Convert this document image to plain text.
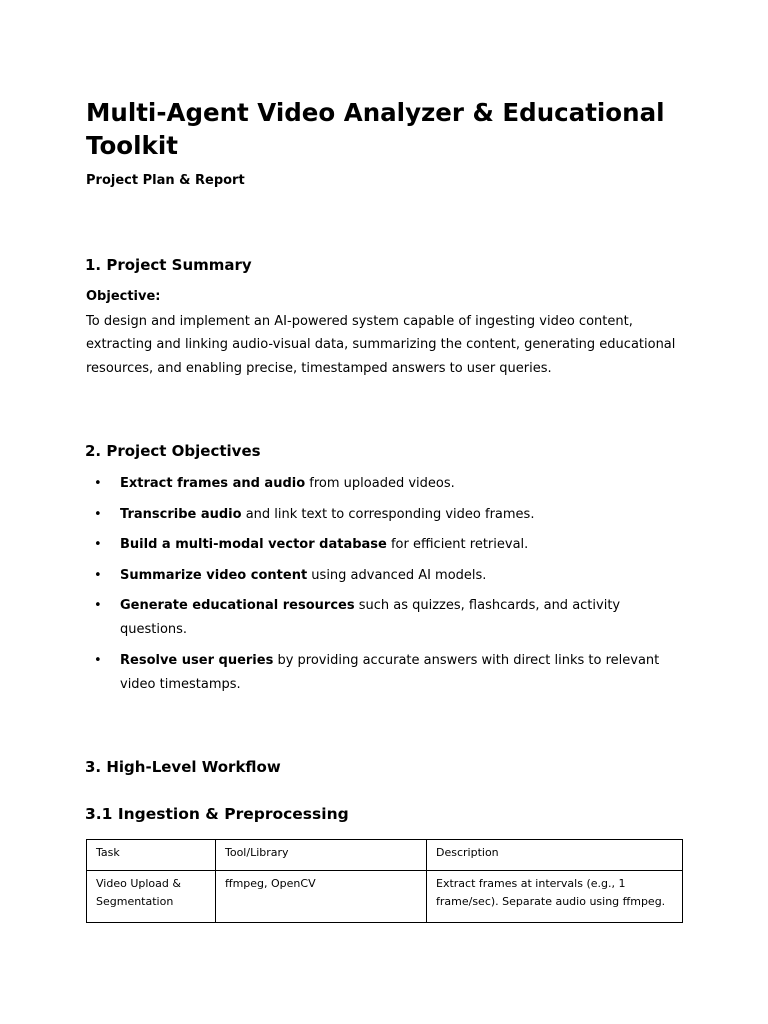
Multi-Agent Video Analyzer & Educational Toolkit

Project Plan & Report

1. Project Summary

Objective:

To design and implement an AI-powered system capable of ingesting video content, extracting and linking audio-visual data, summarizing the content, generating educational resources, and enabling precise, timestamped answers to user queries.

2. Project Objectives
• Extract frames and audio from uploaded videos.
• Transcribe audio and link text to corresponding video frames.
• Build a multi-modal vector database for efficient retrieval.
• Summarize video content using advanced AI models.
• Generate educational resources such as quizzes, flashcards, and activity questions.
• Resolve user queries by providing accurate answers with direct links to relevant video timestamps.
3. High-Level Workflow
3.1 Ingestion & Preprocessing
Task	Tool/Library	Description
Video Upload & Segmentation	ffmpeg, OpenCV	Extract frames at intervals (e.g., 1 frame/sec). Separate audio using ffmpeg.
